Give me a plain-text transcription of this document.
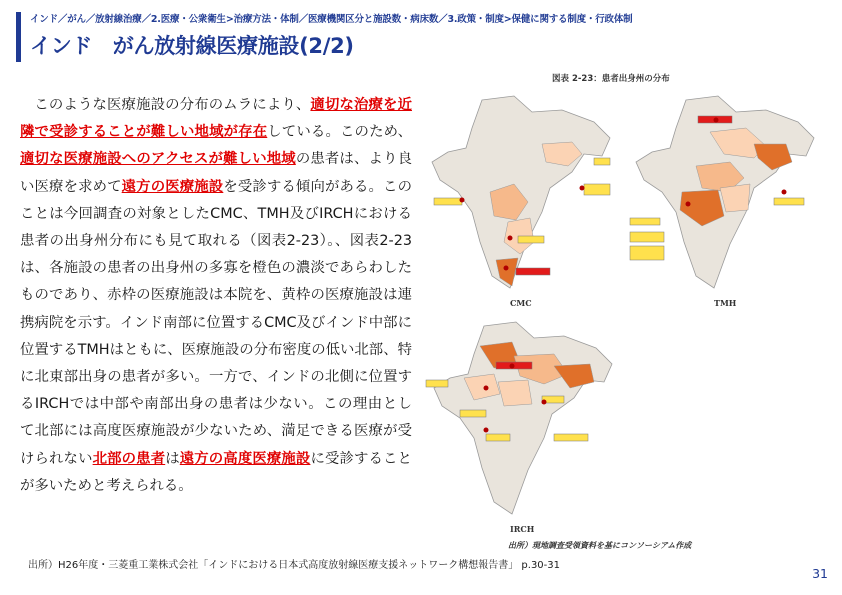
インド／がん／放射線治療／2.医療・公衆衛生>治療方法・体制／医療機関区分と施設数・病床数／3.政策・制度>保健に関する制度・行政体制
インド　がん放射線医療施設(2/2)

このような医療施設の分布のムラにより、適切な治療を近隣で受診することが難しい地域が存在している。このため、適切な医療施設へのアクセスが難しい地域の患者は、より良い医療を求めて遠方の医療施設を受診する傾向がある。このことは今回調査の対象としたCMC、TMH及びIRCHにおける患者の出身州分布にも見て取れる（図表2-23）。、図表2-23は、各施設の患者の出身州の多寡を橙色の濃淡であらわしたものであり、赤枠の医療施設は本院を、黄枠の医療施設は連携病院を示す。インド南部に位置するCMC及びインド中部に位置するTMHはともに、医療施設の分布密度の低い北部、特に北東部出身の患者が多い。一方で、インドの北側に位置するIRCHでは中部や南部出身の患者は少ない。この理由として北部には高度医療施設が少ないため、満足できる医療が受けられない北部の患者は遠方の高度医療施設に受診することが多いためと考えられる。

図表 2-23：患者出身州の分布
CMC	TMH
IRCH
出所）現地調査受領資料を基にコンソーシアム作成
出所）H26年度・三菱重工業株式会社「インドにおける日本式高度放射線医療支援ネットワーク構想報告書」 p.30-31
31
